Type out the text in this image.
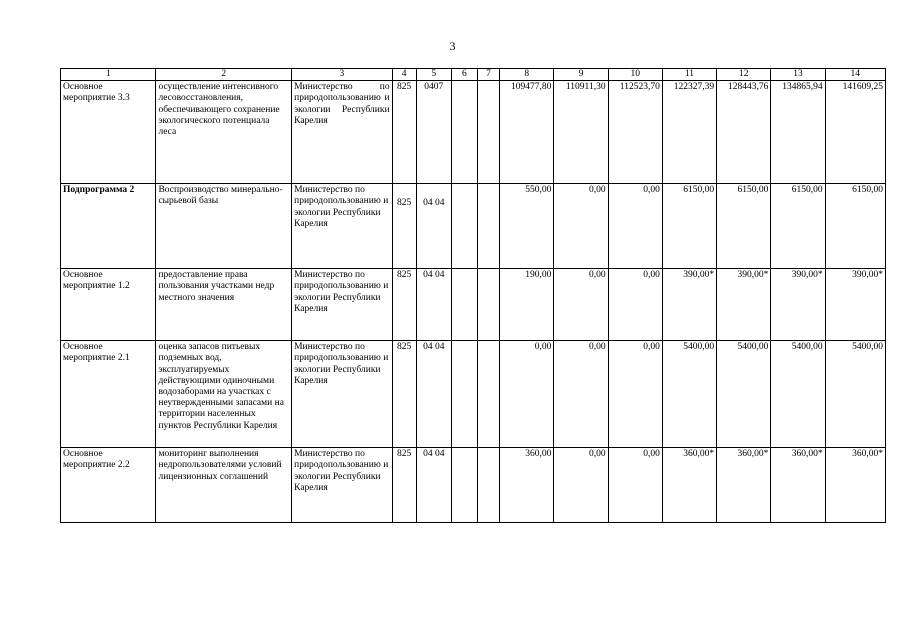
3
1	2	3	4	5	6	7	8	9	10	11	12	13	14
Основное мероприятие 3.3	осуществление интенсивного лесовосстановления, обеспечивающего сохранение экологического потенциала леса	Министерство по природопользованию и экологии Республики Карелия	825	0407			109477,80	110911,30	112523,70	122327,39	128443,76	134865,94	141609,25
Подпрограмма 2	Воспроизводство минерально-сырьевой базы	Министерство по природопользованию и экологии Республики Карелия	825	04 04			550,00	0,00	0,00	6150,00	6150,00	6150,00	6150,00
Основное мероприятие 1.2	предоставление права пользования участками недр местного значения	Министерство по природопользованию и экологии Республики Карелия	825	04 04			190,00	0,00	0,00	390,00*	390,00*	390,00*	390,00*
Основное мероприятие 2.1	оценка запасов питьевых подземных вод, эксплуатируемых действующими одиночными водозаборами на участках с неутвержденными запасами на территории населенных пунктов Республики Карелия	Министерство по природопользованию и экологии Республики Карелия	825	04 04			0,00	0,00	0,00	5400,00	5400,00	5400,00	5400,00
Основное мероприятие 2.2	мониторинг выполнения недропользователями условий лицензионных соглашений	Министерство по природопользованию и экологии Республики Карелия	825	04 04			360,00	0,00	0,00	360,00*	360,00*	360,00*	360,00*
